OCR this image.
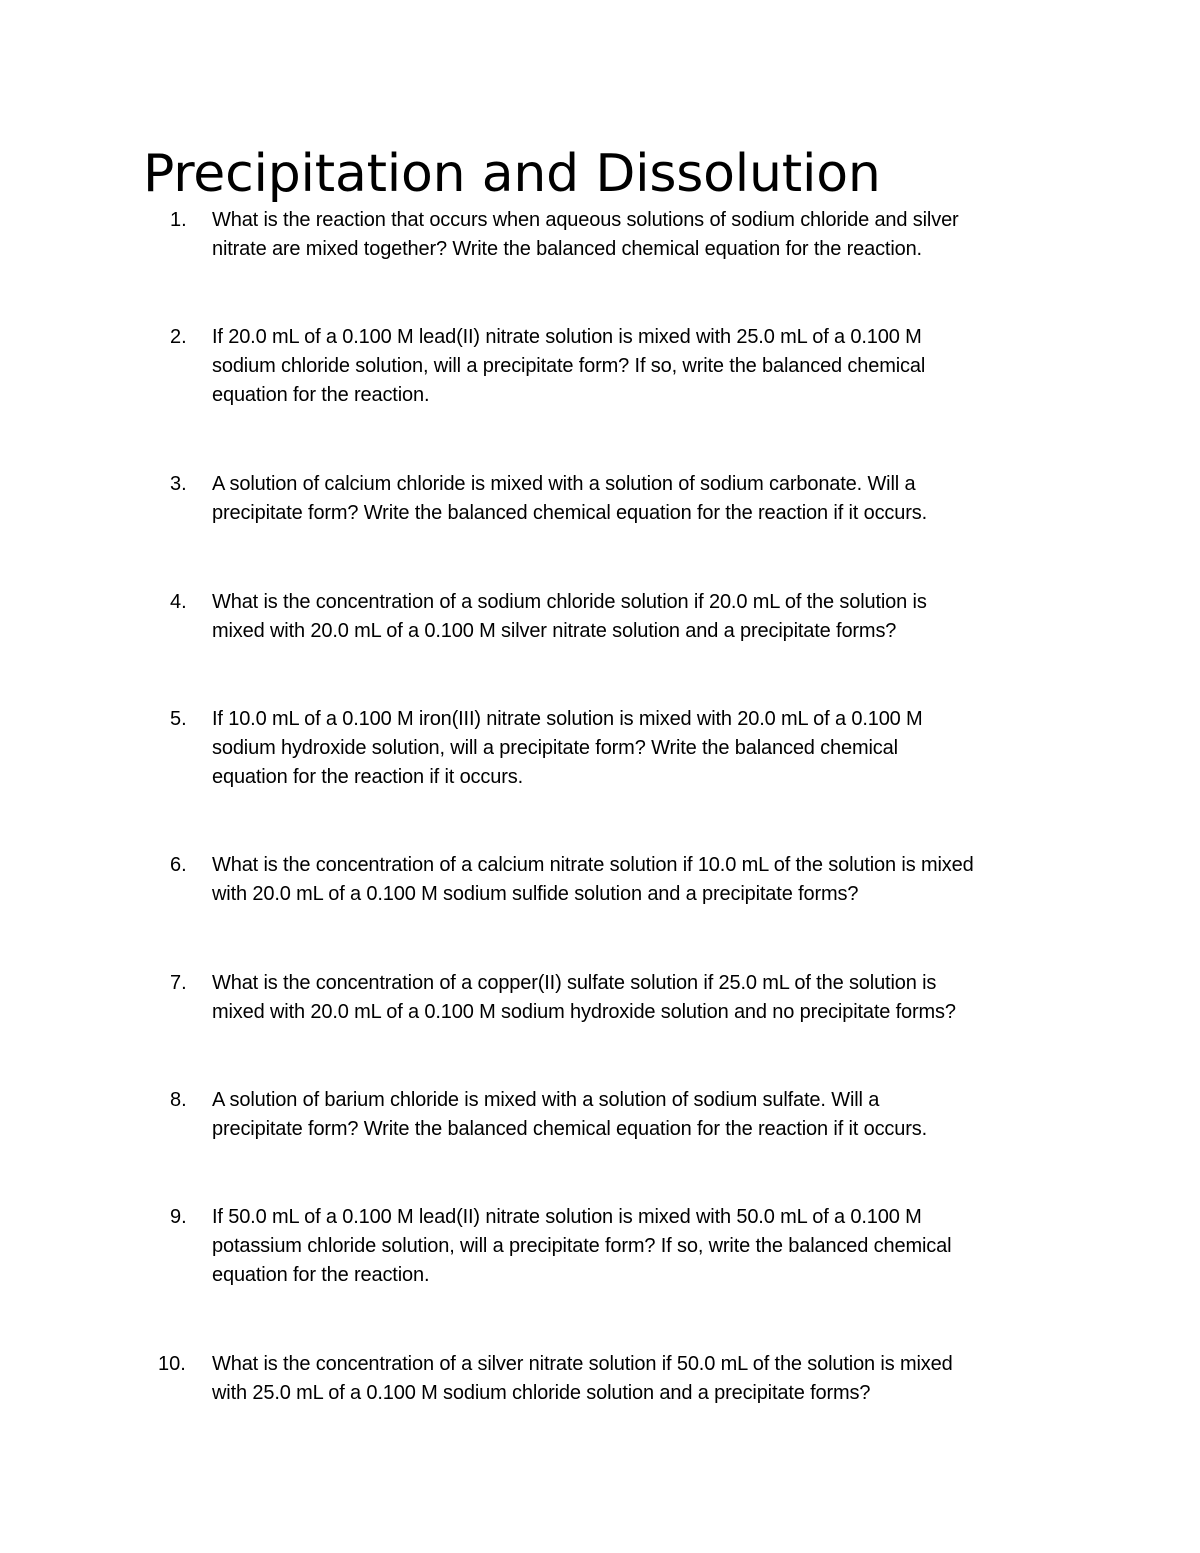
Precipitation and Dissolution
1. What is the reaction that occurs when aqueous solutions of sodium chloride and silver
nitrate are mixed together? Write the balanced chemical equation for the reaction.
2. If 20.0 mL of a 0.100 M lead(II) nitrate solution is mixed with 25.0 mL of a 0.100 M
sodium chloride solution, will a precipitate form? If so, write the balanced chemical
equation for the reaction.
3. A solution of calcium chloride is mixed with a solution of sodium carbonate. Will a
precipitate form? Write the balanced chemical equation for the reaction if it occurs.
4. What is the concentration of a sodium chloride solution if 20.0 mL of the solution is
mixed with 20.0 mL of a 0.100 M silver nitrate solution and a precipitate forms?
5. If 10.0 mL of a 0.100 M iron(III) nitrate solution is mixed with 20.0 mL of a 0.100 M
sodium hydroxide solution, will a precipitate form? Write the balanced chemical
equation for the reaction if it occurs.
6. What is the concentration of a calcium nitrate solution if 10.0 mL of the solution is mixed
with 20.0 mL of a 0.100 M sodium sulfide solution and a precipitate forms?
7. What is the concentration of a copper(II) sulfate solution if 25.0 mL of the solution is
mixed with 20.0 mL of a 0.100 M sodium hydroxide solution and no precipitate forms?
8. A solution of barium chloride is mixed with a solution of sodium sulfate. Will a
precipitate form? Write the balanced chemical equation for the reaction if it occurs.
9. If 50.0 mL of a 0.100 M lead(II) nitrate solution is mixed with 50.0 mL of a 0.100 M
potassium chloride solution, will a precipitate form? If so, write the balanced chemical
equation for the reaction.
10. What is the concentration of a silver nitrate solution if 50.0 mL of the solution is mixed
with 25.0 mL of a 0.100 M sodium chloride solution and a precipitate forms?
